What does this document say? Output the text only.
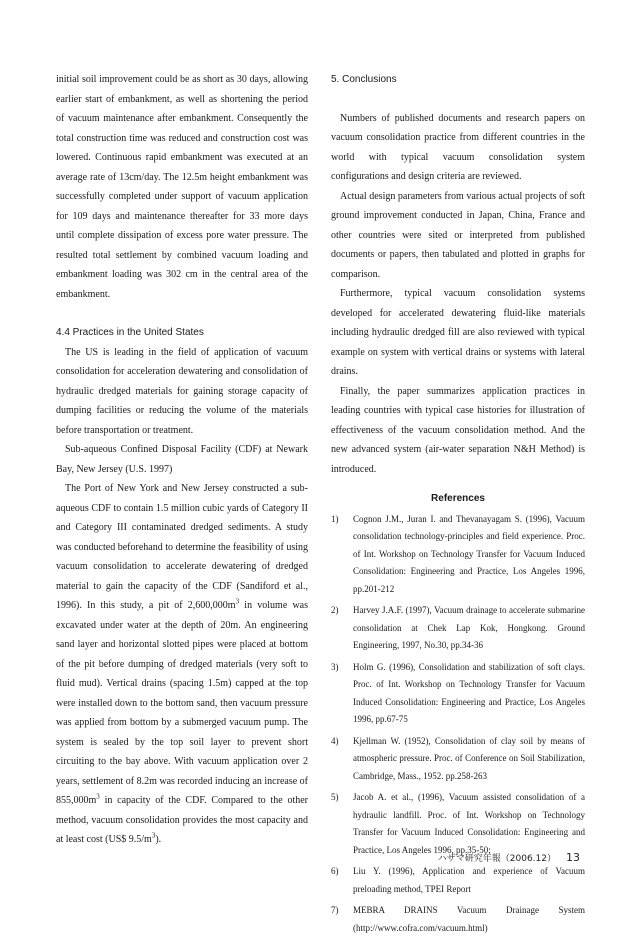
initial soil improvement could be as short as 30 days, allowing earlier start of embankment, as well as shortening the period of vacuum maintenance after embankment. Consequently the total construction time was reduced and construction cost was lowered. Continuous rapid embankment was executed at an average rate of 13cm/day. The 12.5m height embankment was successfully completed under support of vacuum application for 109 days and maintenance thereafter for 33 more days until complete dissipation of excess pore water pressure. The resulted total settlement by combined vacuum loading and embankment loading was 302 cm in the central area of the embankment.

4.4 Practices in the United States

The US is leading in the field of application of vacuum consolidation for acceleration dewatering and consolidation of hydraulic dredged materials for gaining storage capacity of dumping facilities or reducing the volume of the materials before transportation or treatment.

Sub-aqueous Confined Disposal Facility (CDF) at Newark Bay, New Jersey (U.S. 1997)

The Port of New York and New Jersey constructed a sub-aqueous CDF to contain 1.5 million cubic yards of Category II and Category III contaminated dredged sediments. A study was conducted beforehand to determine the feasibility of using vacuum consolidation to accelerate dewatering of dredged material to gain the capacity of the CDF (Sandiford et al., 1996). In this study, a pit of $2,600,000m^3$ in volume was excavated under water at the depth of 20m. An engineering sand layer and horizontal slotted pipes were placed at bottom of the pit before dumping of dredged materials (very soft to fluid mud). Vertical drains (spacing 1.5m) capped at the top were installed down to the bottom sand, then vacuum pressure was applied from bottom by a submerged vacuum pump. The system is sealed by the top soil layer to prevent short circuiting to the bay above. With vacuum application over 2 years, settlement of 8.2m was recorded inducing an increase of $855,000m^3$ in capacity of the CDF. Compared to the other method, vacuum consolidation provides the most capacity and at least cost (US$ $9.5/m^3$).

5. Conclusions

Numbers of published documents and research papers on vacuum consolidation practice from different countries in the world with typical vacuum consolidation system configurations and design criteria are reviewed.

Actual design parameters from various actual projects of soft ground improvement conducted in Japan, China, France and other countries were sited or interpreted from published documents or papers, then tabulated and plotted in graphs for comparison.

Furthermore, typical vacuum consolidation systems developed for accelerated dewatering fluid-like materials including hydraulic dredged fill are also reviewed with typical example on system with vertical drains or systems with lateral drains.

Finally, the paper summarizes application practices in leading countries with typical case histories for illustration of effectiveness of the vacuum consolidation method. And the new advanced system (air-water separation N&H Method) is introduced.

References
1) Cognon J.M., Juran I. and Thevanayagam S. (1996), Vacuum consolidation technology-principles and field experience. Proc. of Int. Workshop on Technology Transfer for Vacuum Induced Consolidation: Engineering and Practice, Los Angeles 1996, pp.201-212
2) Harvey J.A.F. (1997), Vacuum drainage to accelerate submarine consolidation at Chek Lap Kok, Hongkong. Ground Engineering, 1997, No.30, pp.34-36
3) Holm G. (1996), Consolidation and stabilization of soft clays. Proc. of Int. Workshop on Technology Transfer for Vacuum Induced Consolidation: Engineering and Practice, Los Angeles 1996, pp.67-75
4) Kjellman W. (1952), Consolidation of clay soil by means of atmospheric pressure. Proc. of Conference on Soil Stabilization, Cambridge, Mass., 1952. pp.258-263
5) Jacob A. et al., (1996), Vacuum assisted consolidation of a hydraulic landfill. Proc. of Int. Workshop on Technology Transfer for Vacuum Induced Consolidation: Engineering and Practice, Los Angeles 1996, pp.35-50;
6) Liu Y. (1996), Application and experience of Vacuum preloading method, TPEI Report
7) MEBRA DRAINS Vacuum Drainage System (http://www.cofra.com/vacuum.html)
ハザマ研究年報（2006.12） 13
